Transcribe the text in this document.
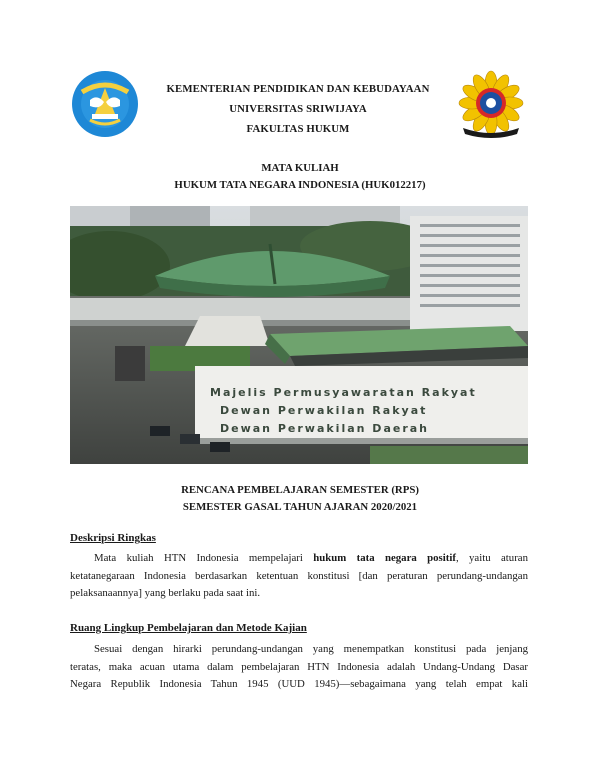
KEMENTERIAN PENDIDIKAN DAN KEBUDAYAAN
UNIVERSITAS SRIWIJAYA
FAKULTAS HUKUM
MATA KULIAH
HUKUM TATA NEGARA INDONESIA (HUK012217)
Majelis Permusyawaratan Rakyat
Dewan Perwakilan Rakyat
Dewan Perwakilan Daerah
RENCANA PEMBELAJARAN SEMESTER (RPS)
SEMESTER GASAL TAHUN AJARAN 2020/2021
Deskripsi Ringkas
Mata kuliah HTN Indonesia mempelajari hukum tata negara positif, yaitu aturan
ketatanegaraan Indonesia berdasarkan ketentuan konstitusi [dan peraturan perundang-undangan
pelaksanaannya] yang berlaku pada saat ini.
Ruang Lingkup Pembelajaran dan Metode Kajian
Sesuai dengan hirarki perundang-undangan yang menempatkan konstitusi pada jenjang
teratas, maka acuan utama dalam pembelajaran HTN Indonesia adalah Undang-Undang Dasar
Negara Republik Indonesia Tahun 1945 (UUD 1945)—sebagaimana yang telah empat kali
